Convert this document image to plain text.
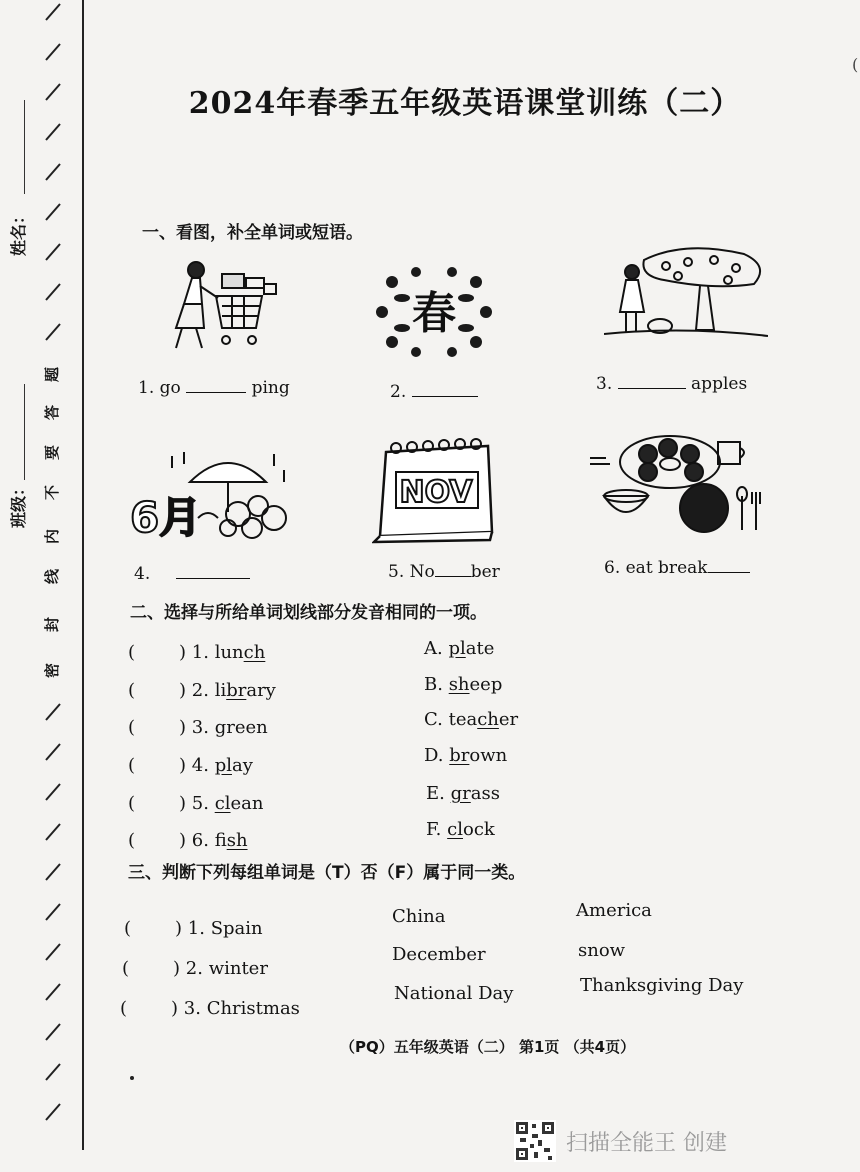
姓名：
班级：
题
答
要
不
内
线
封
密
(
2024年春季五年级英语课堂训练（二）
一、看图，补全单词或短语。
1. go	ping
春
2.	3.	apples
6月
4.
NOV
5. No ber	6. eat break
二、选择与所给单词划线部分发音相同的一项。
( ) 1. lunch
( ) 2. library
( ) 3. green
( ) 4. play
( ) 5. clean
( ) 6. fish
A. plate
B. sheep
C. teacher
D. brown
E. grass
F. clock
三、判断下列每组单词是（T）否（F）属于同一类。
( ) 1. Spain
China	America
( ) 2. winter
December	snow
( ) 3. Christmas
National Day	Thanksgiving Day
（PQ）五年级英语（二） 第1页 （共4页）
扫描全能王 创建
